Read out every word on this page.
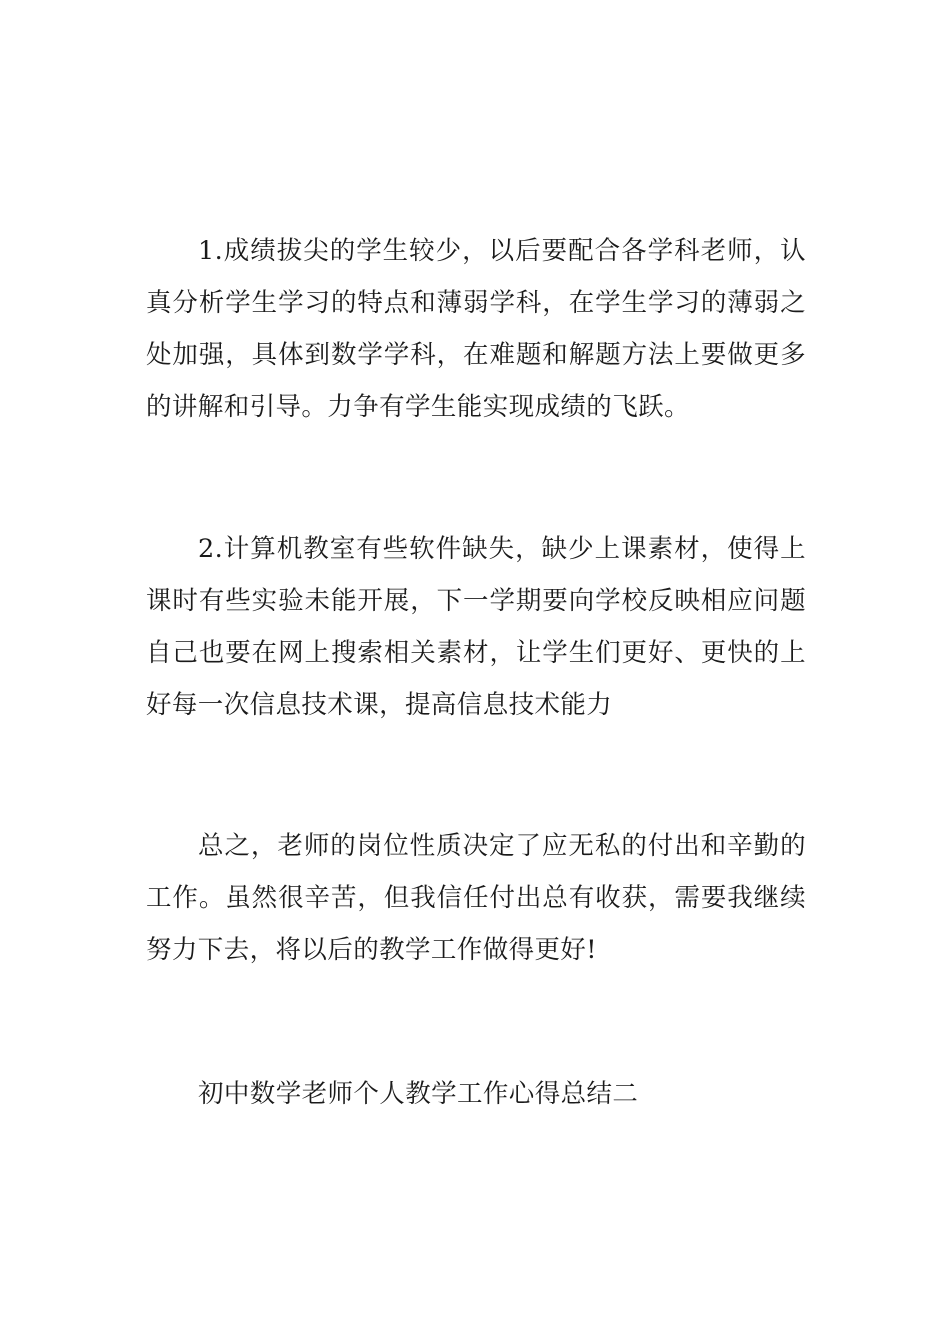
1.成绩拔尖的学生较少，以后要配合各学科老师，认真分析学生学习的特点和薄弱学科，在学生学习的薄弱之处加强，具体到数学学科，在难题和解题方法上要做更多的讲解和引导。力争有学生能实现成绩的飞跃。

2.计算机教室有些软件缺失，缺少上课素材，使得上课时有些实验未能开展，下一学期要向学校反映相应问题自己也要在网上搜索相关素材，让学生们更好、更快的上好每一次信息技术课，提高信息技术能力

总之，老师的岗位性质决定了应无私的付出和辛勤的工作。虽然很辛苦，但我信任付出总有收获，需要我继续努力下去，将以后的教学工作做得更好!

初中数学老师个人教学工作心得总结二
